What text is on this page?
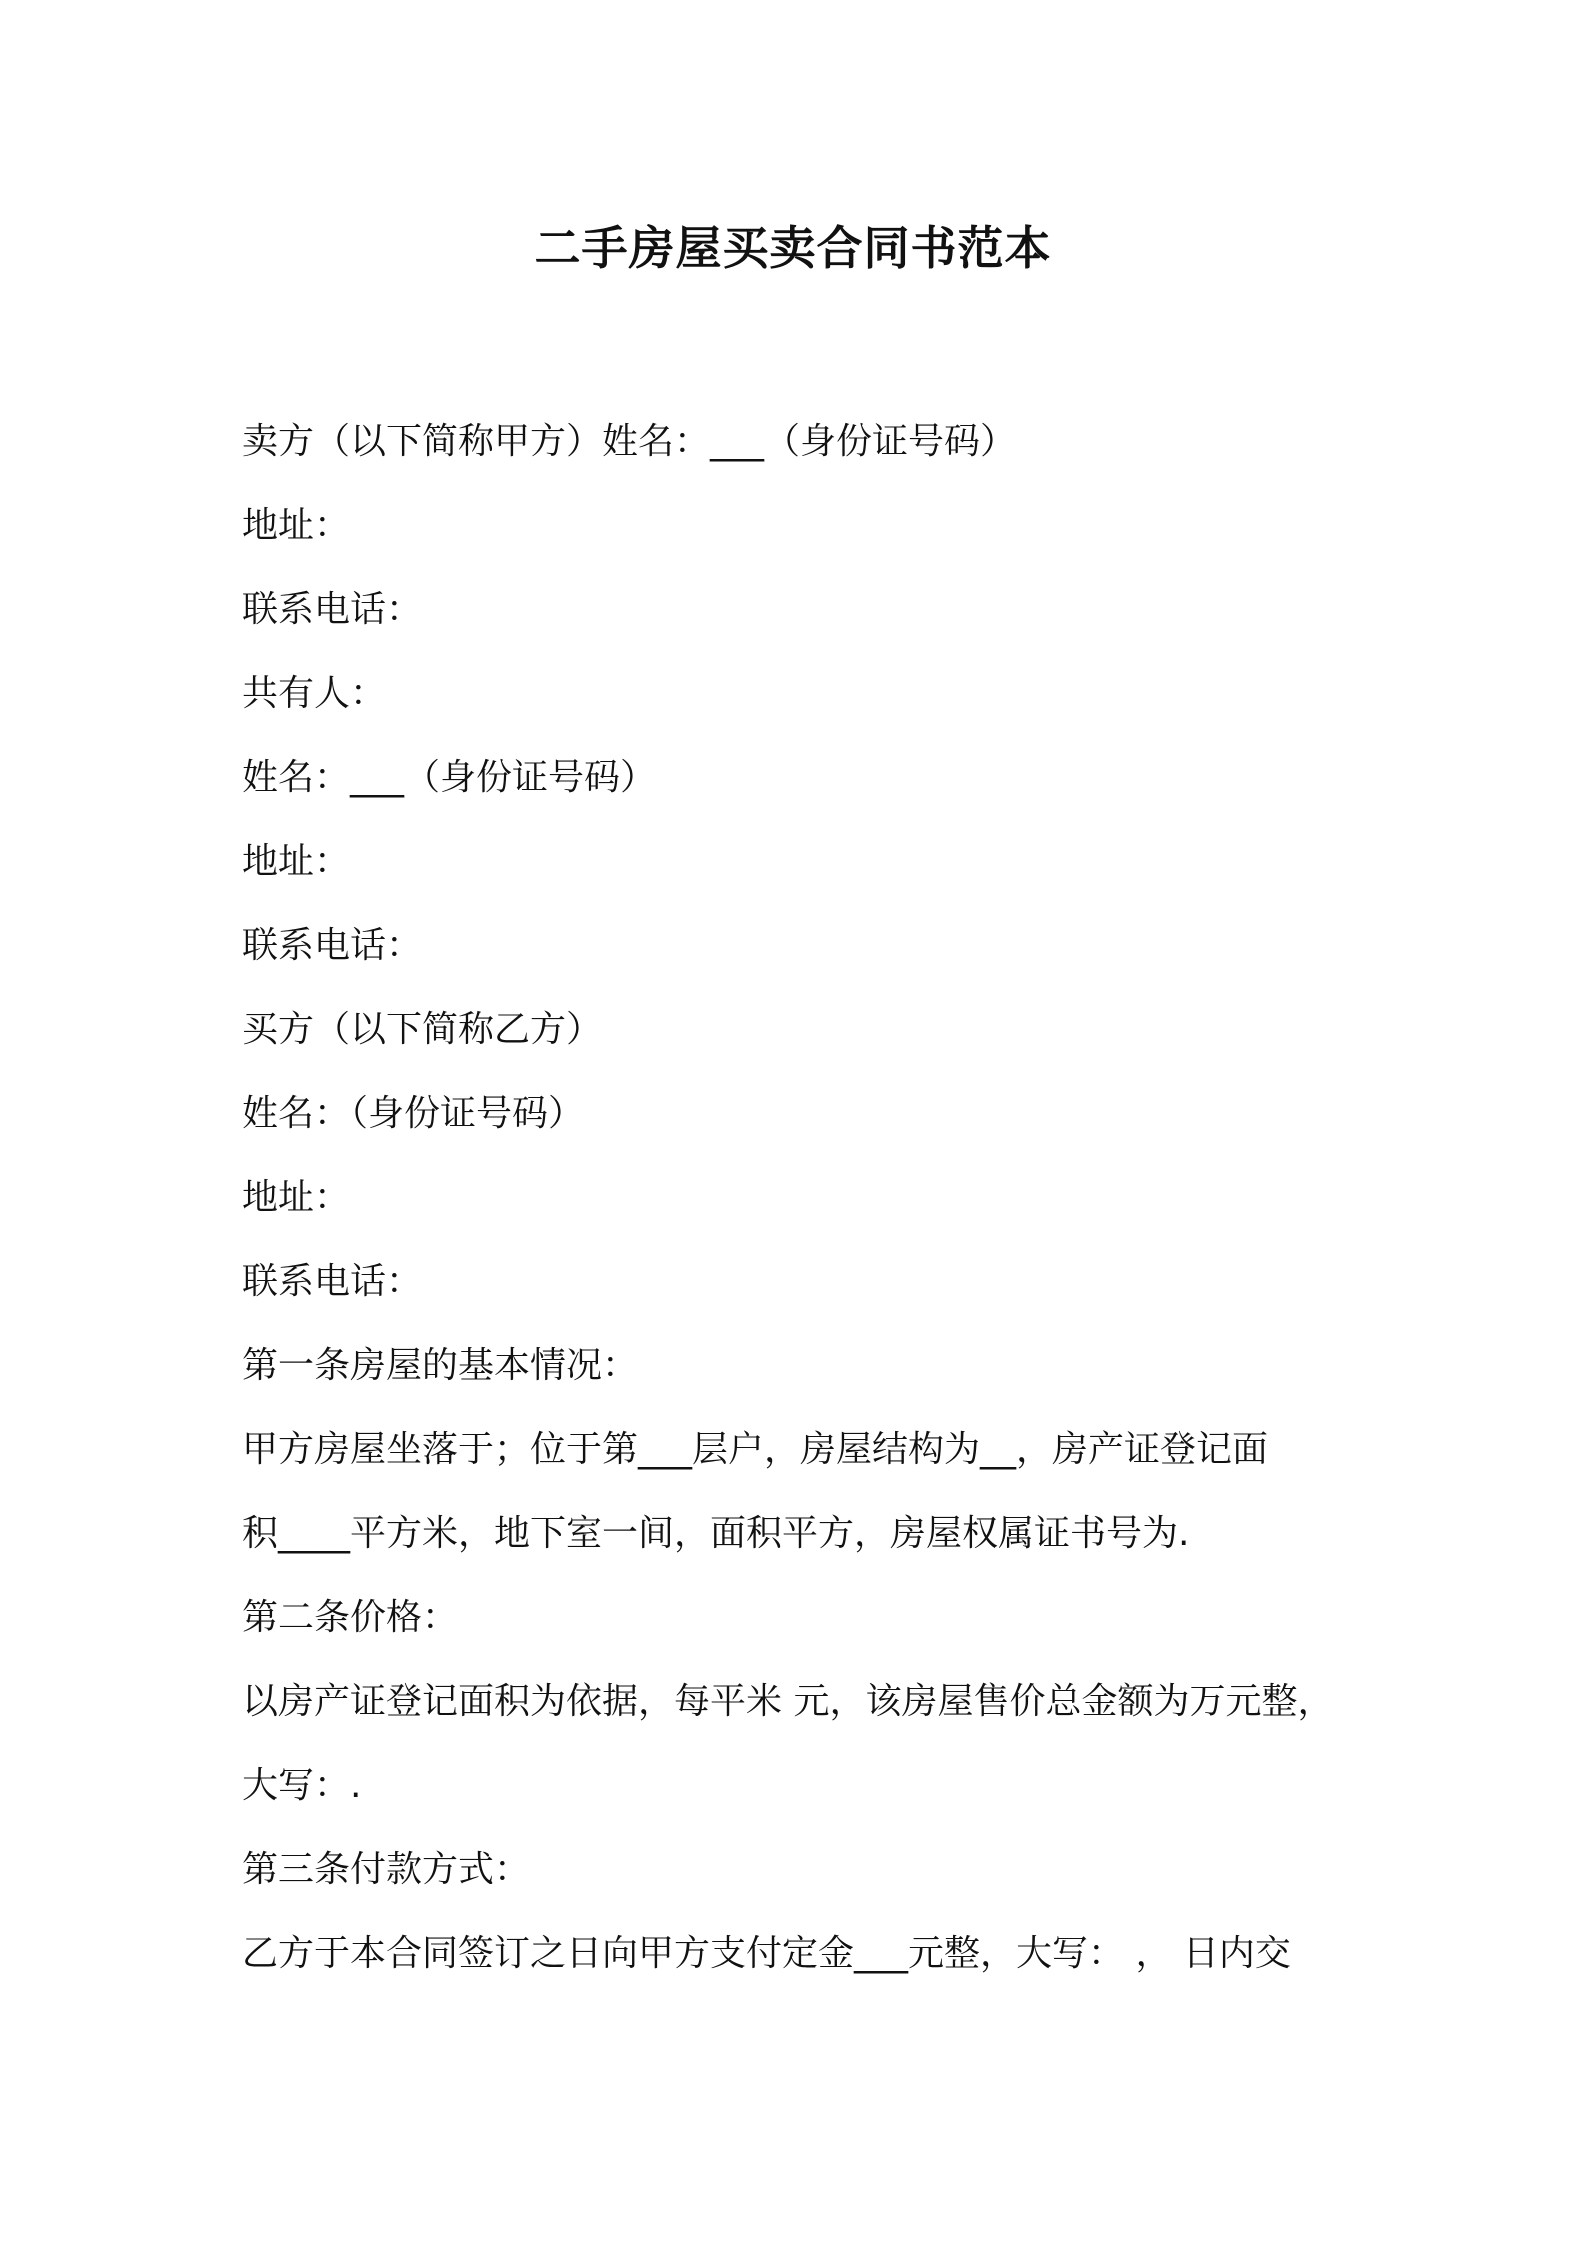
二手房屋买卖合同书范本
卖方（以下简称甲方）姓名：___（身份证号码）
地址：
联系电话：
共有人：
姓名：___（身份证号码）
地址：
联系电话：
买方（以下简称乙方）
姓名：（身份证号码）
地址：
联系电话：
第一条房屋的基本情况：
甲方房屋坐落于；位于第___层户，房屋结构为__，房产证登记面
积____平方米，地下室一间，面积平方，房屋权属证书号为.
第二条价格：
以房产证登记面积为依据，每平米 元，该房屋售价总金额为万元整，
大写：.
第三条付款方式：
乙方于本合同签订之日向甲方支付定金___元整，大写： ， 日内交
